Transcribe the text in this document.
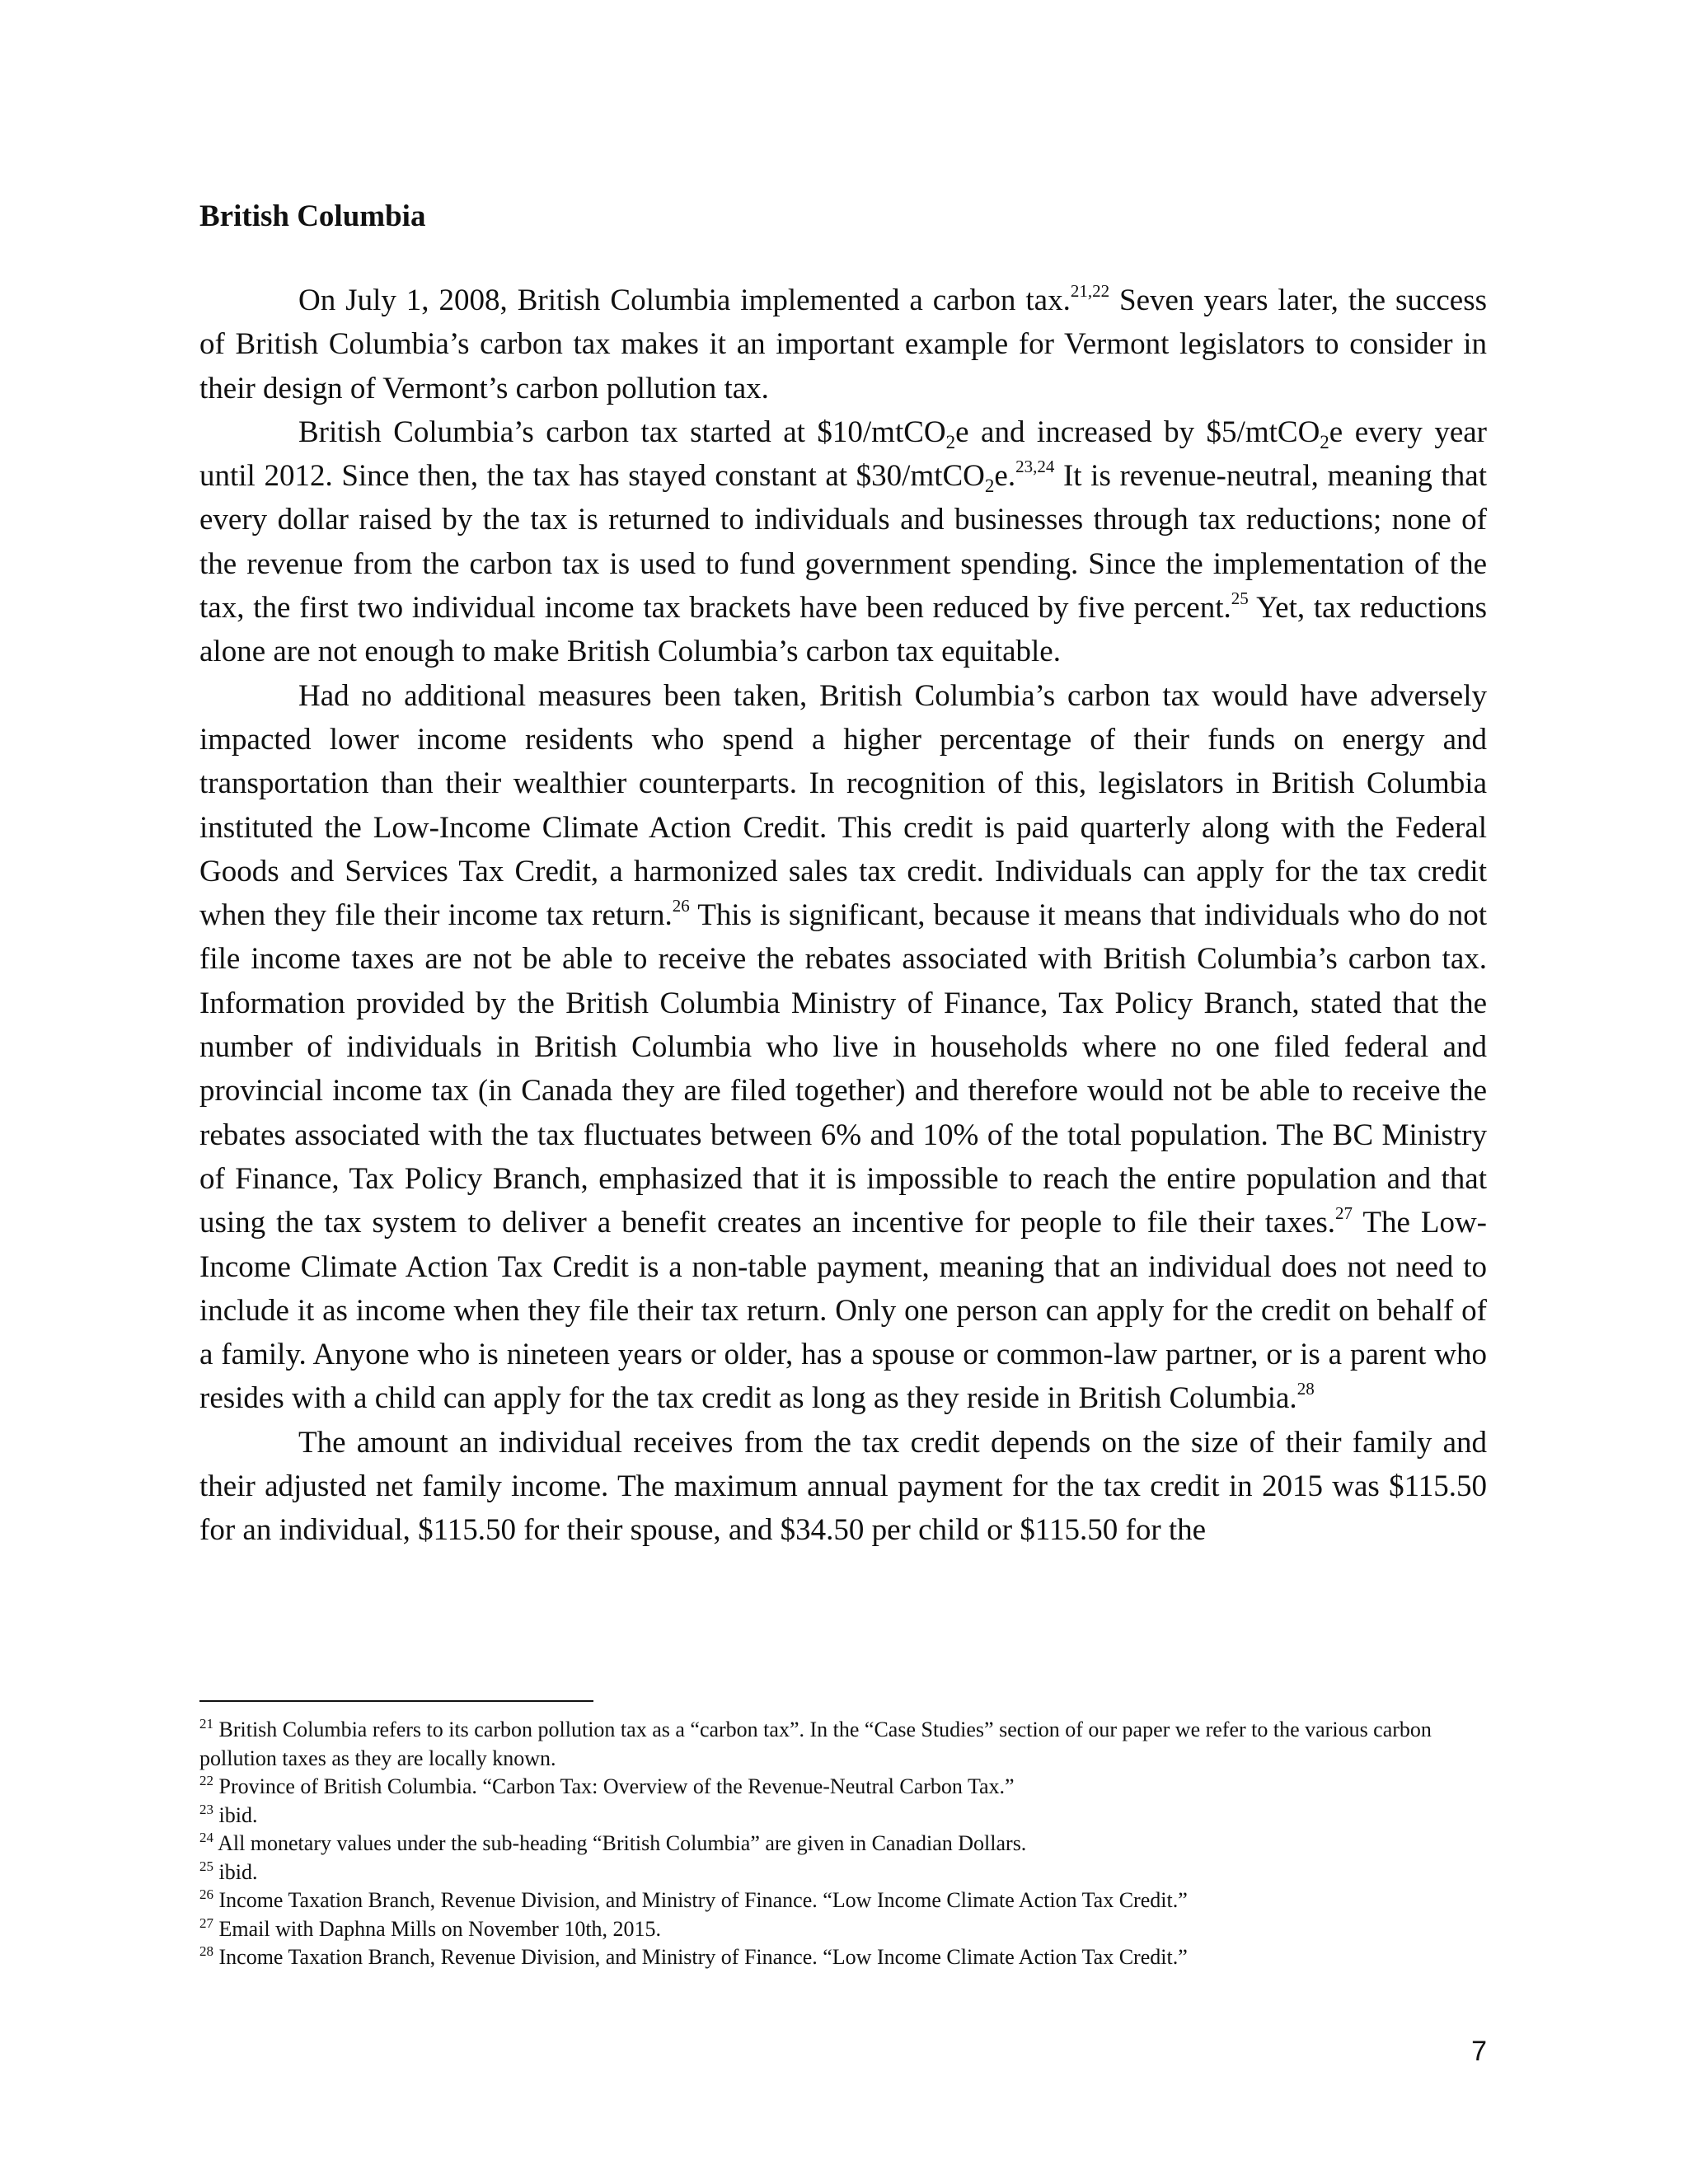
British Columbia

On July 1, 2008, British Columbia implemented a carbon tax.$^{21,22}$ Seven years later, the success of British Columbia’s carbon tax makes it an important example for Vermont legislators to consider in their design of Vermont’s carbon pollution tax.

British Columbia’s carbon tax started at $10/mtCO$_2$e and increased by $5/mtCO$_2$e every year until 2012. Since then, the tax has stayed constant at $30/mtCO$_2$e.$^{23,24}$ It is revenue-neutral, meaning that every dollar raised by the tax is returned to individuals and businesses through tax reductions; none of the revenue from the carbon tax is used to fund government spending. Since the implementation of the tax, the first two individual income tax brackets have been reduced by five percent.$^{25}$ Yet, tax reductions alone are not enough to make British Columbia’s carbon tax equitable.

Had no additional measures been taken, British Columbia’s carbon tax would have adversely impacted lower income residents who spend a higher percentage of their funds on energy and transportation than their wealthier counterparts. In recognition of this, legislators in British Columbia instituted the Low-Income Climate Action Credit. This credit is paid quarterly along with the Federal Goods and Services Tax Credit, a harmonized sales tax credit. Individuals can apply for the tax credit when they file their income tax return.$^{26}$ This is significant, because it means that individuals who do not file income taxes are not be able to receive the rebates associated with British Columbia’s carbon tax. Information provided by the British Columbia Ministry of Finance, Tax Policy Branch, stated that the number of individuals in British Columbia who live in households where no one filed federal and provincial income tax (in Canada they are filed together) and therefore would not be able to receive the rebates associated with the tax fluctuates between 6% and 10% of the total population. The BC Ministry of Finance, Tax Policy Branch, emphasized that it is impossible to reach the entire population and that using the tax system to deliver a benefit creates an incentive for people to file their taxes.$^{27}$ The Low-Income Climate Action Tax Credit is a non-table payment, meaning that an individual does not need to include it as income when they file their tax return. Only one person can apply for the credit on behalf of a family. Anyone who is nineteen years or older, has a spouse or common-law partner, or is a parent who resides with a child can apply for the tax credit as long as they reside in British Columbia.$^{28}$

The amount an individual receives from the tax credit depends on the size of their family and their adjusted net family income. The maximum annual payment for the tax credit in 2015 was $115.50 for an individual, $115.50 for their spouse, and $34.50 per child or $115.50 for the

$^{21}$ British Columbia refers to its carbon pollution tax as a “carbon tax”. In the “Case Studies” section of our paper we refer to the various carbon pollution taxes as they are locally known.

$^{22}$ Province of British Columbia. “Carbon Tax: Overview of the Revenue-Neutral Carbon Tax.”

$^{23}$ ibid.

$^{24}$ All monetary values under the sub-heading “British Columbia” are given in Canadian Dollars.

$^{25}$ ibid.

$^{26}$ Income Taxation Branch, Revenue Division, and Ministry of Finance. “Low Income Climate Action Tax Credit.”

$^{27}$ Email with Daphna Mills on November 10th, 2015.

$^{28}$ Income Taxation Branch, Revenue Division, and Ministry of Finance. “Low Income Climate Action Tax Credit.”

7
